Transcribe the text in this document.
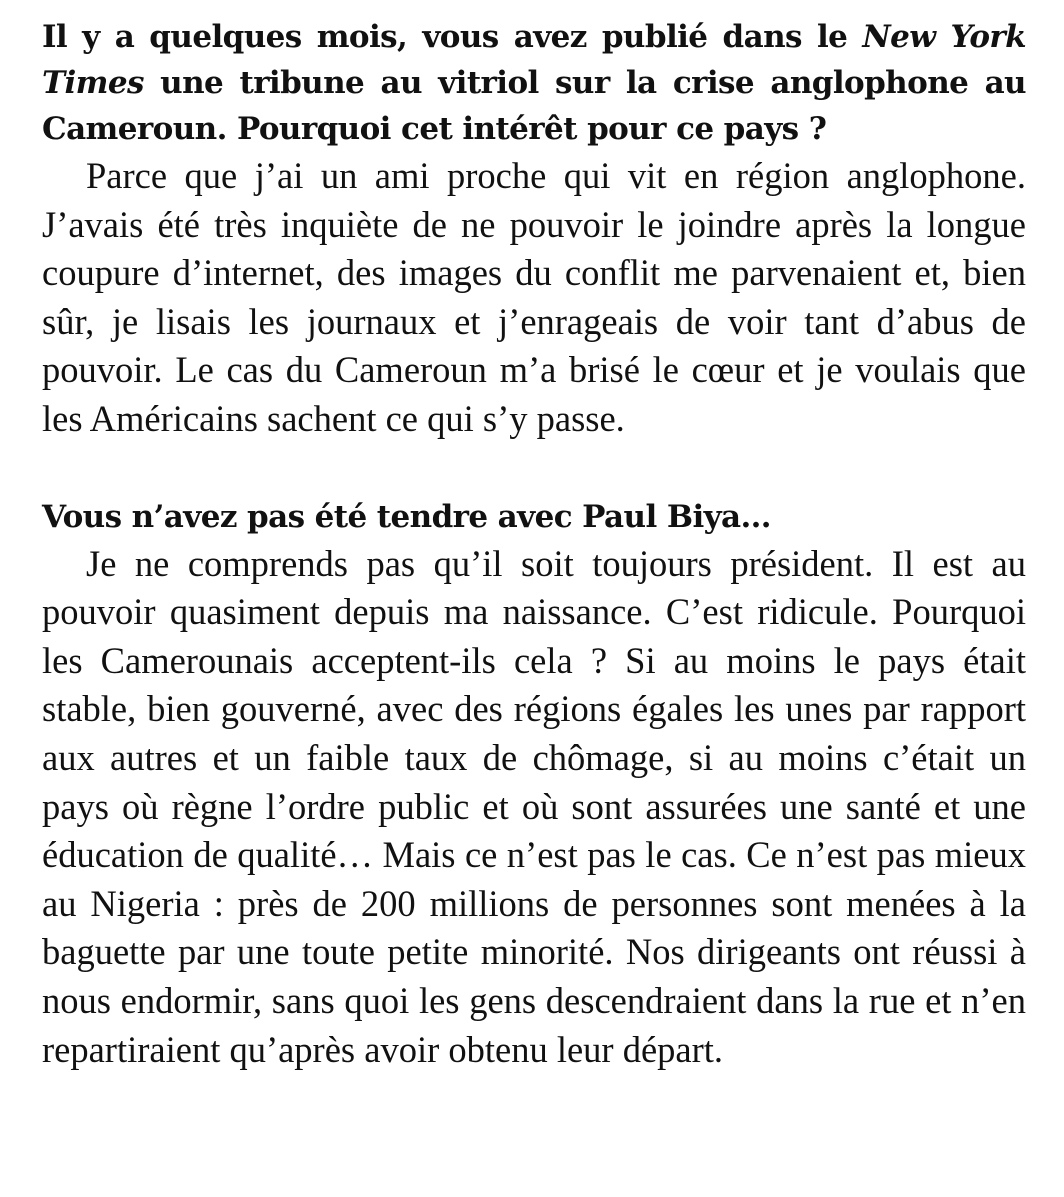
Il y a quelques mois, vous avez publié dans le New York Times une tribune au vitriol sur la crise anglophone au Cameroun. Pourquoi cet intérêt pour ce pays ?

Parce que j’ai un ami proche qui vit en région anglophone. J’avais été très inquiète de ne pouvoir le joindre après la longue coupure d’internet, des images du conflit me parvenaient et, bien sûr, je lisais les journaux et j’enrageais de voir tant d’abus de pouvoir. Le cas du Cameroun m’a brisé le cœur et je voulais que les Américains sachent ce qui s’y passe.

Vous n’avez pas été tendre avec Paul Biya…

Je ne comprends pas qu’il soit toujours président. Il est au pouvoir quasiment depuis ma naissance. C’est ridicule. Pourquoi les Camerounais acceptent-ils cela ? Si au moins le pays était stable, bien gouverné, avec des régions égales les unes par rapport aux autres et un faible taux de chômage, si au moins c’était un pays où règne l’ordre public et où sont assurées une santé et une éducation de qualité… Mais ce n’est pas le cas. Ce n’est pas mieux au Nigeria : près de 200 millions de personnes sont menées à la baguette par une toute petite minorité. Nos dirigeants ont réussi à nous endormir, sans quoi les gens descendraient dans la rue et n’en repartiraient qu’après avoir obtenu leur départ.
